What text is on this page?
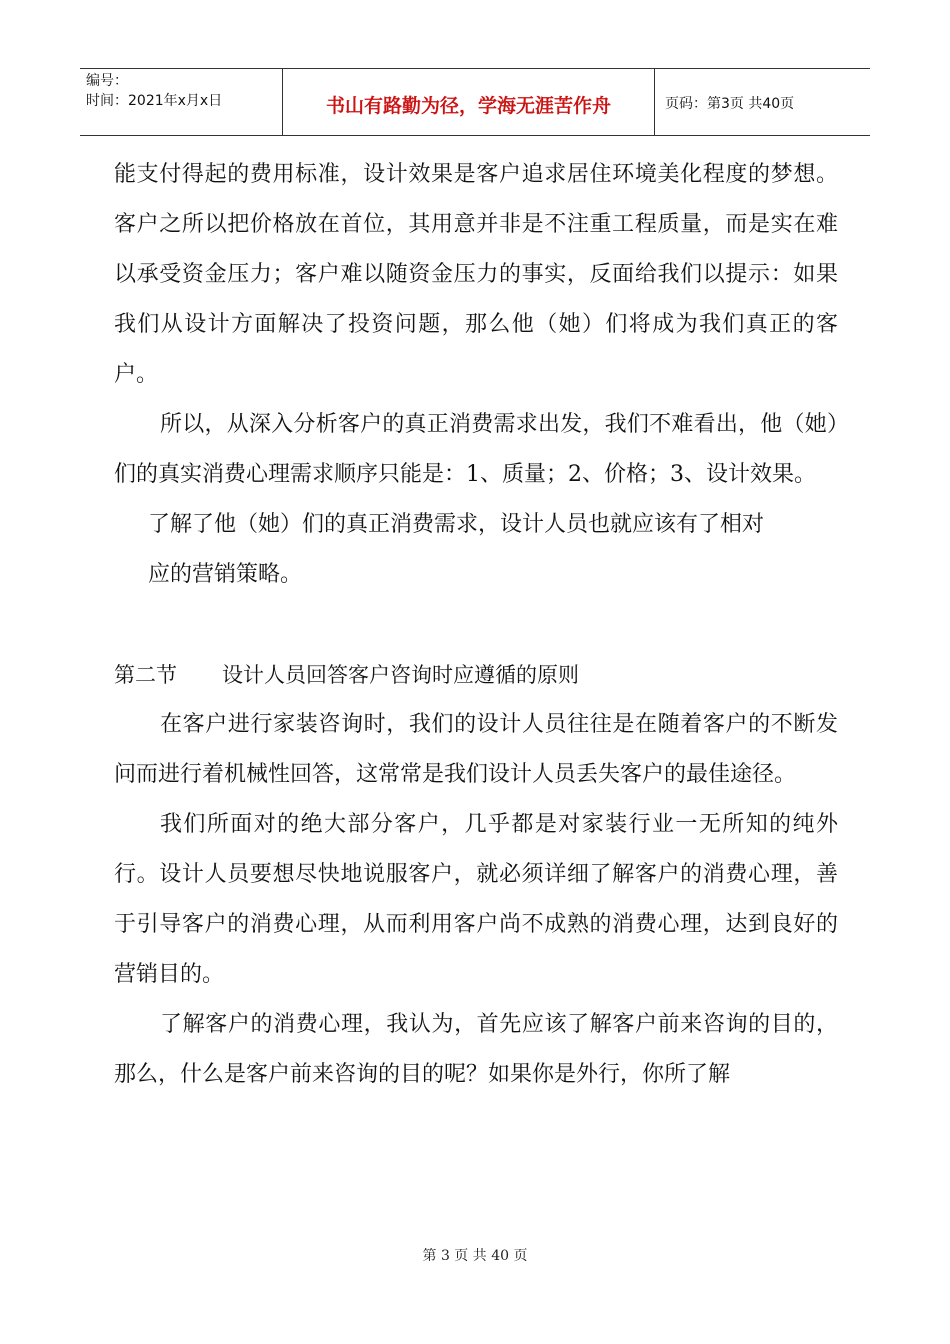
编号：
时间：2021年x月x日	书山有路勤为径，学海无涯苦作舟	页码：第3页 共40页

能支付得起的费用标准，设计效果是客户追求居住环境美化程度的梦想。客户之所以把价格放在首位，其用意并非是不注重工程质量，而是实在难以承受资金压力；客户难以随资金压力的事实，反面给我们以提示：如果我们从设计方面解决了投资问题，那么他（她）们将成为我们真正的客户。

所以，从深入分析客户的真正消费需求出发，我们不难看出，他（她）们的真实消费心理需求顺序只能是：1、质量；2、价格；3、设计效果。

了解了他（她）们的真正消费需求，设计人员也就应该有了相对

应的营销策略。

第二节 设计人员回答客户咨询时应遵循的原则

在客户进行家装咨询时，我们的设计人员往往是在随着客户的不断发问而进行着机械性回答，这常常是我们设计人员丢失客户的最佳途径。

我们所面对的绝大部分客户，几乎都是对家装行业一无所知的纯外行。设计人员要想尽快地说服客户，就必须详细了解客户的消费心理，善于引导客户的消费心理，从而利用客户尚不成熟的消费心理，达到良好的营销目的。

了解客户的消费心理，我认为，首先应该了解客户前来咨询的目的，那么，什么是客户前来咨询的目的呢？如果你是外行，你所了解

第 3 页 共 40 页
